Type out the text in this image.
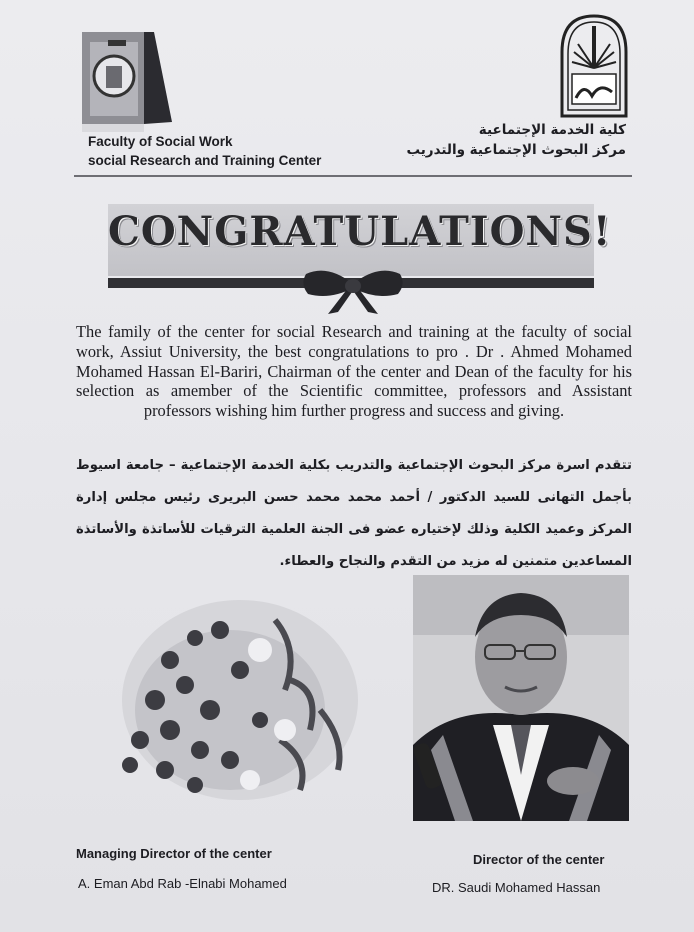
Faculty of Social Work
social Research and Training Center
كلية الخدمة الإجتماعية
مركز البحوث الإجتماعية والتدريب
CONGRATULATIONS!
The family of the center for social Research and training at the faculty of social work, Assiut University, the best congratulations to pro . Dr . Ahmed Mohamed Mohamed Hassan El-Bariri, Chairman of the center and Dean of the faculty for his selection as amember of the Scientific committee, professors and Assistant professors wishing him further progress and success and giving.
تتقدم اسرة مركز البحوث الإجتماعية والتدريب بكلية الخدمة الإجتماعية – جامعة اسيوط بأجمل التهانى للسيد الدكتور / أحمد محمد محمد حسن البريرى رئيس مجلس إدارة المركز وعميد الكلية وذلك لإختياره عضو فى الجنة العلمية الترقيات للأساتذة والأساتذة المساعدين متمنين له مزيد من التقدم والنجاح والعطاء.
Managing Director of the center
A. Eman Abd Rab -Elnabi Mohamed
Director of the center
DR. Saudi Mohamed Hassan
